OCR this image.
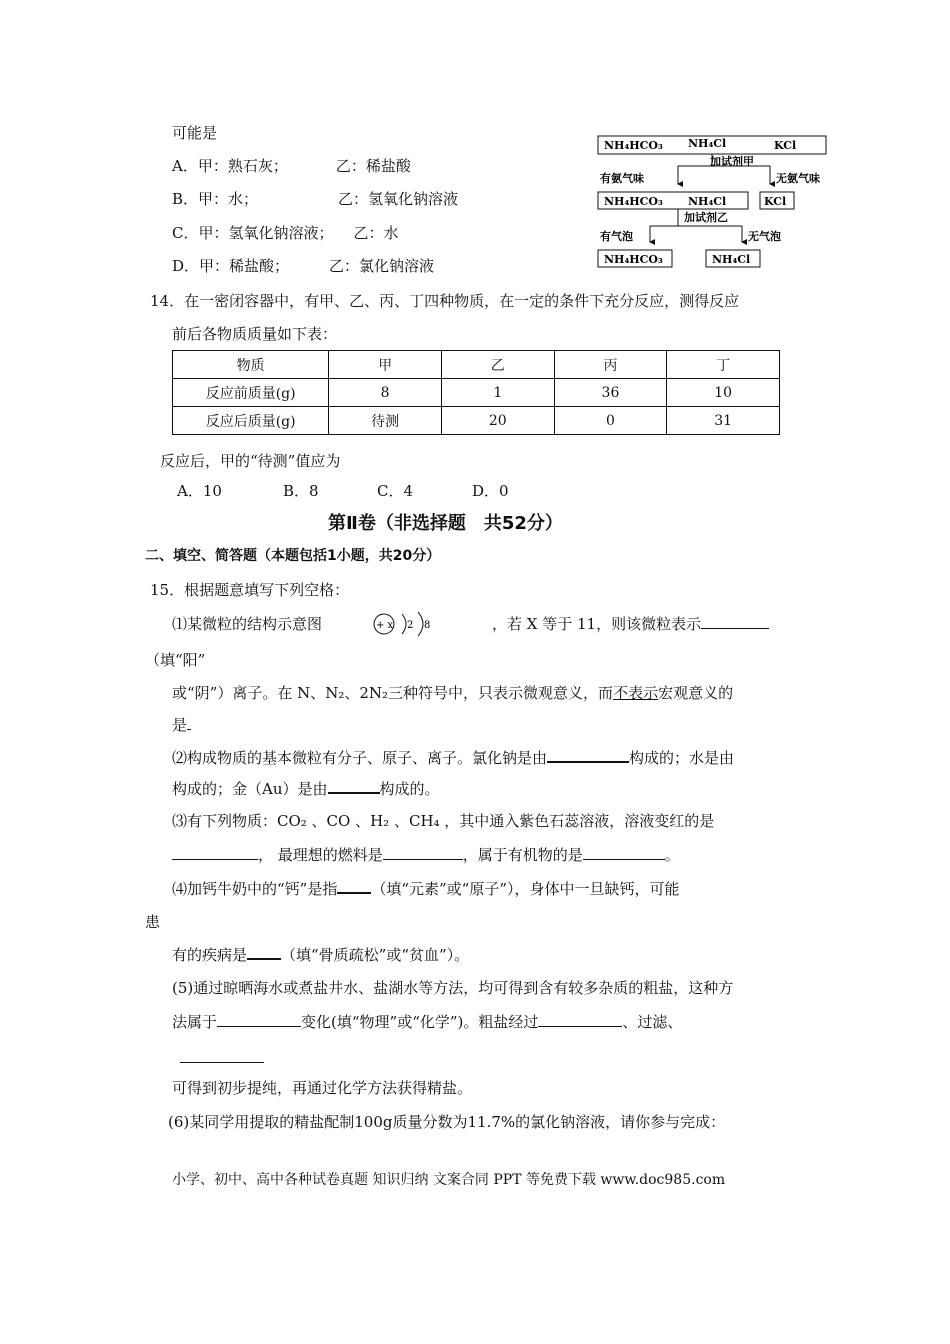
可能是
A．甲：熟石灰；	乙：稀盐酸
B．甲：水；	乙：氢氧化钠溶液
C．甲：氢氧化钠溶液； 乙：水
D．甲：稀盐酸；	乙：氯化钠溶液
NH₄HCO₃ NH₄Cl	KCl
加试剂甲
有氨气味	无氨气味
NH₄HCO₃ NH₄Cl	KCl
加试剂乙
有气泡	无气泡
NH₄HCO₃	NH₄Cl
14．在一密闭容器中，有甲、乙、丙、丁四种物质，在一定的条件下充分反应，测得反应
前后各物质质量如下表：
物质	甲	乙	丙	丁
反应前质量(g)	8	1	36	10
反应后质量(g)	待测	20	0	31
反应后，甲的“待测”值应为
A．10	B．8	C．4	D．0
第Ⅱ卷（非选择题　共52分）
二、填空、简答题（本题包括1小题，共20分）
15．根据题意填写下列空格：
⑴某微粒的结构示意图	+ x 2 8	，若 X 等于 11，则该微粒表示
（填“阳”
或“阴”）离子。在 N、N₂、2N₂三种符号中，只表示微观意义，而不表示宏观意义的
是
⑵构成物质的基本微粒有分子、原子、离子。氯化钠是由	构成的；水是由
构成的；金（Au）是由	构成的。
⑶有下列物质：CO₂ 、CO 、H₂ 、CH₄ ，其中通入紫色石蕊溶液，溶液变红的是
， 最理想的燃料是	，属于有机物的是	。
⑷加钙牛奶中的“钙”是指 （填“元素”或“原子”），身体中一旦缺钙，可能
患
有的疾病是 （填“骨质疏松”或“贫血”）。
(5)通过晾晒海水或煮盐井水、盐湖水等方法，均可得到含有较多杂质的粗盐，这种方
法属于	变化(填“物理”或“化学”)。粗盐经过	、过滤、
可得到初步提纯，再通过化学方法获得精盐。
(6)某同学用提取的精盐配制100g质量分数为11.7%的氯化钠溶液，请你参与完成：
小学、初中、高中各种试卷真题 知识归纳 文案合同 PPT 等免费下载 www.doc985.com
